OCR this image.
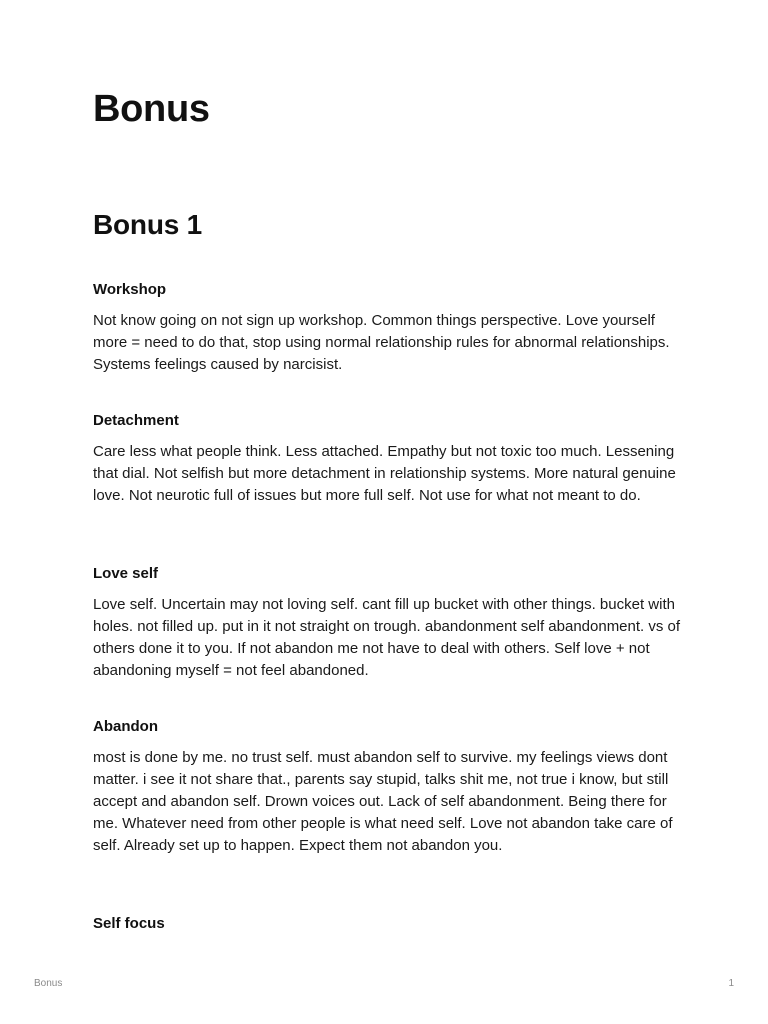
Bonus
Bonus 1
Workshop

Not know going on not sign up workshop. Common things perspective. Love yourself more = need to do that, stop using normal relationship rules for abnormal relationships. Systems feelings caused by narcisist.

Detachment

Care less what people think. Less attached. Empathy but not toxic too much. Lessening that dial. Not selfish but more detachment in relationship systems. More natural genuine love. Not neurotic full of issues but more full self. Not use for what not meant to do.

Love self

Love self. Uncertain may not loving self. cant fill up bucket with other things. bucket with holes. not filled up. put in it not straight on trough. abandonment self abandonment. vs of others done it to you. If not abandon me not have to deal with others. Self love + not abandoning myself = not feel abandoned.

Abandon

most is done by me. no trust self. must abandon self to survive. my feelings views dont matter. i see it not share that., parents say stupid, talks shit me, not true i know, but still accept and abandon self. Drown voices out. Lack of self abandonment. Being there for me. Whatever need from other people is what need self. Love not abandon take care of self. Already set up to happen. Expect them not abandon you.

Self focus
Bonus	1
